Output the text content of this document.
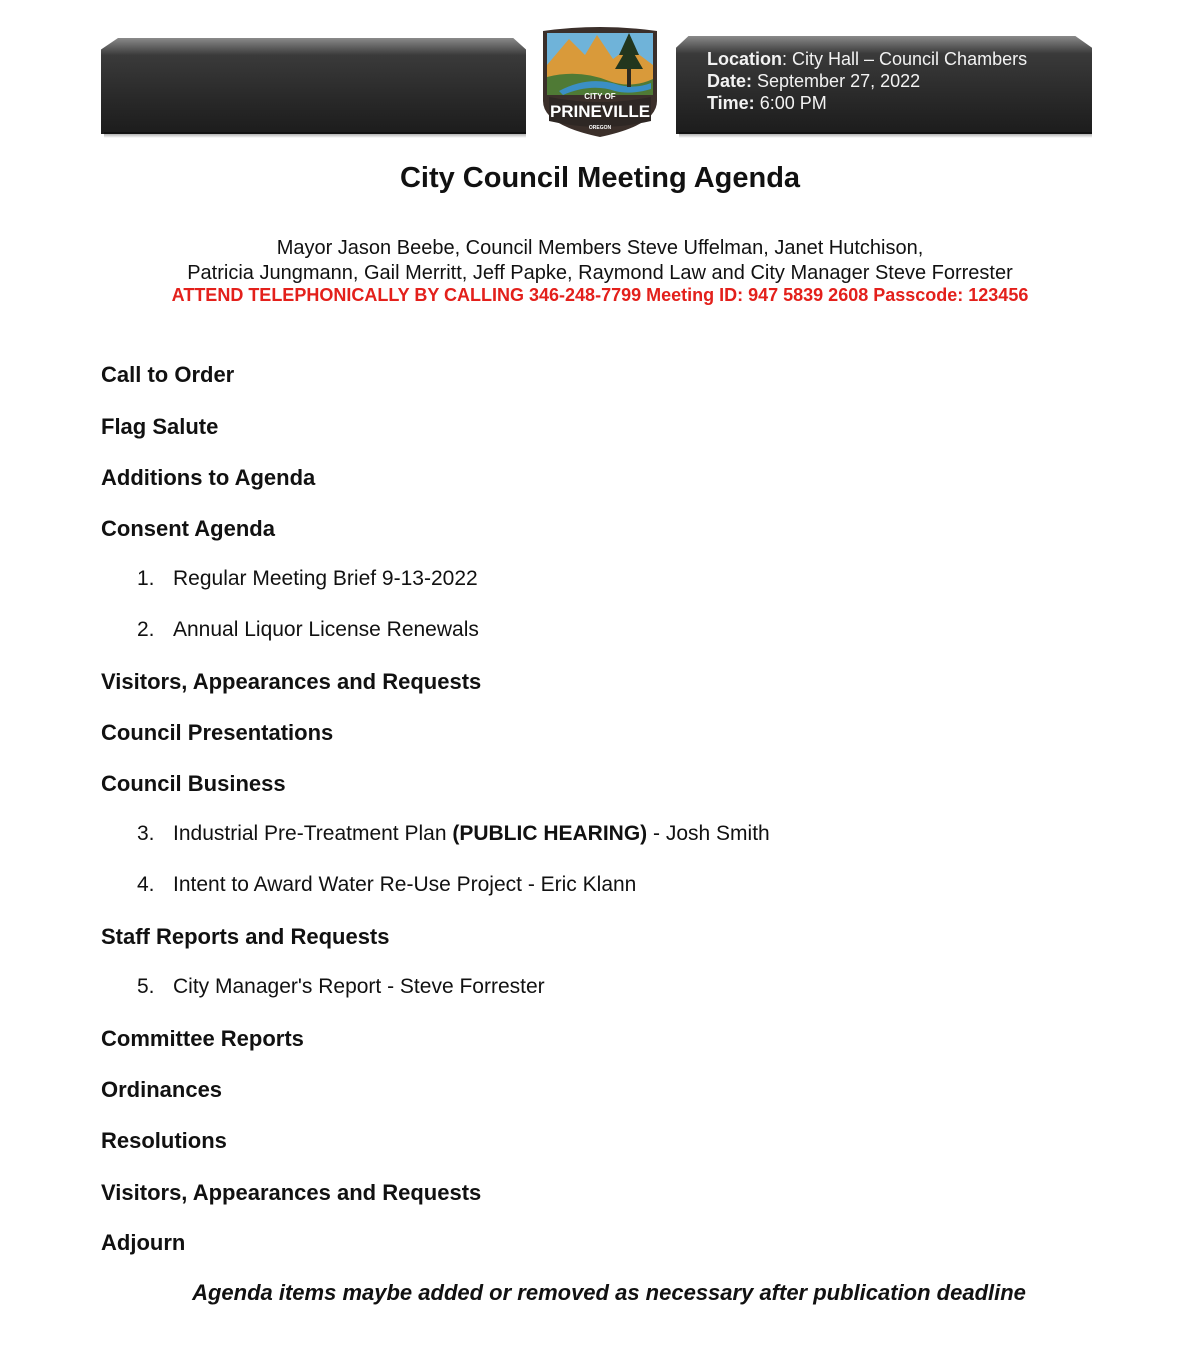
Location: City Hall – Council Chambers
Date: September 27, 2022
Time: 6:00 PM
CITY OF
PRINEVILLE
OREGON
City Council Meeting Agenda
Mayor Jason Beebe, Council Members Steve Uffelman, Janet Hutchison,
Patricia Jungmann, Gail Merritt, Jeff Papke, Raymond Law and City Manager Steve Forrester
ATTEND TELEPHONICALLY BY CALLING 346-248-7799 Meeting ID: 947 5839 2608 Passcode: 123456
Call to Order
Flag Salute
Additions to Agenda
Consent Agenda
1. Regular Meeting Brief 9-13-2022
2. Annual Liquor License Renewals
Visitors, Appearances and Requests
Council Presentations
Council Business
3. Industrial Pre-Treatment Plan (PUBLIC HEARING) - Josh Smith
4. Intent to Award Water Re-Use Project - Eric Klann
Staff Reports and Requests
5. City Manager's Report - Steve Forrester
Committee Reports
Ordinances
Resolutions
Visitors, Appearances and Requests
Adjourn
Agenda items maybe added or removed as necessary after publication deadline
